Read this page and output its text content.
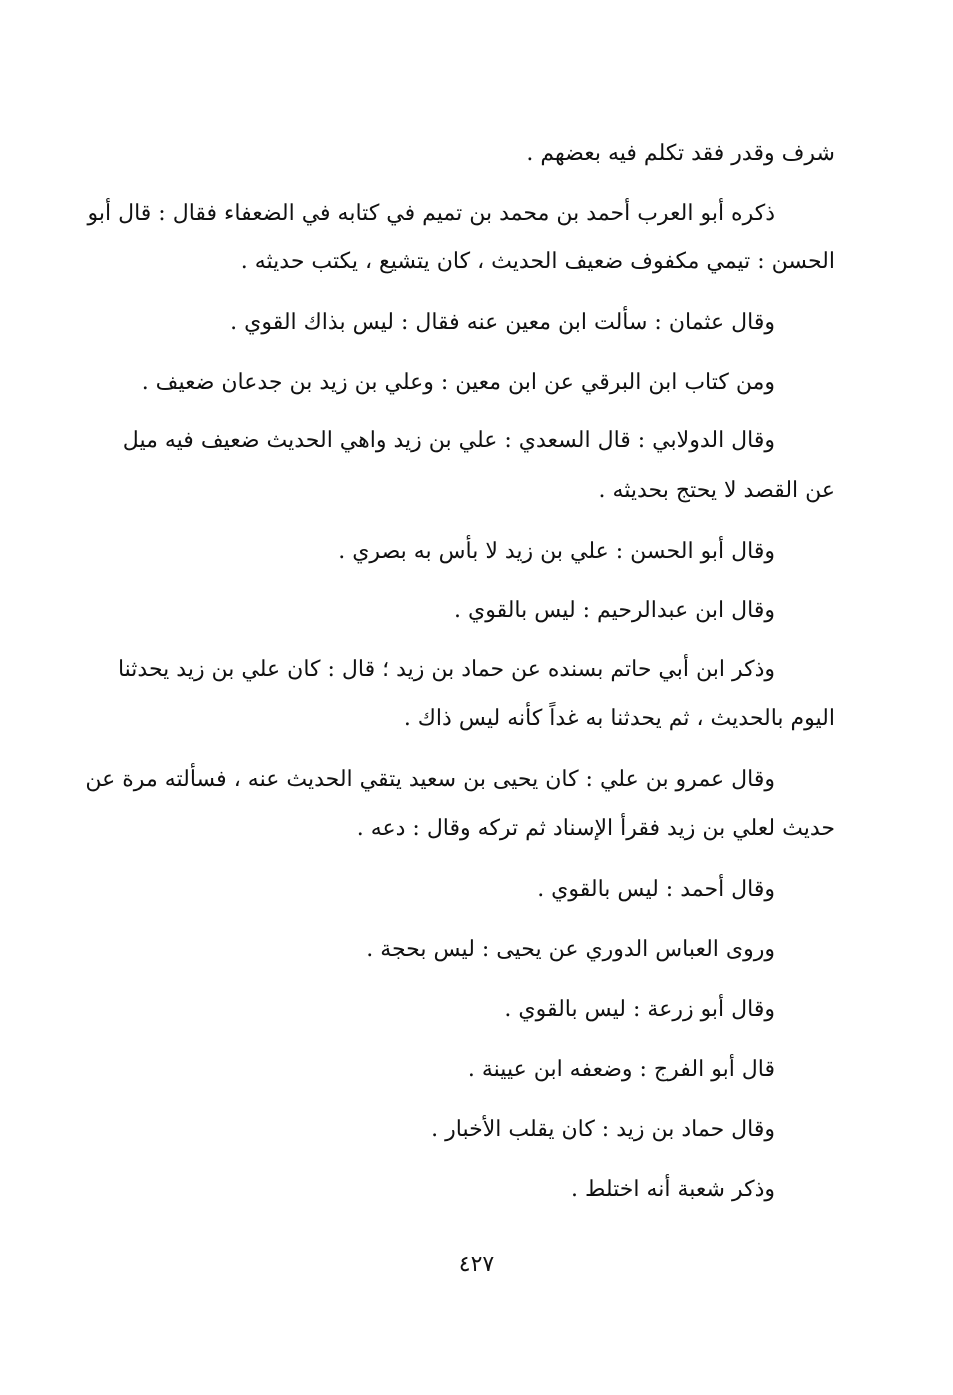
شرف وقدر فقد تكلم فيه بعضهم .
ذكره أبو العرب أحمد بن محمد بن تميم في كتابه في الضعفاء فقال : قال أبو
الحسن : تيمي مكفوف ضعيف الحديث ، كان يتشيع ، يكتب حديثه .
وقال عثمان : سألت ابن معين عنه فقال : ليس بذاك القوي .
ومن كتاب ابن البرقي عن ابن معين : وعلي بن زيد بن جدعان ضعيف .
وقال الدولابي : قال السعدي : علي بن زيد واهي الحديث ضعيف فيه ميل
عن القصد لا يحتج بحديثه .
وقال أبو الحسن : علي بن زيد لا بأس به بصري .
وقال ابن عبدالرحيم : ليس بالقوي .
وذكر ابن أبي حاتم بسنده عن حماد بن زيد ؛ قال : كان علي بن زيد يحدثنا
اليوم بالحديث ، ثم يحدثنا به غداً كأنه ليس ذاك .
وقال عمرو بن علي : كان يحيى بن سعيد يتقي الحديث عنه ، فسألته مرة عن
حديث لعلي بن زيد فقرأ الإسناد ثم تركه وقال : دعه .
وقال أحمد : ليس بالقوي .
وروى العباس الدوري عن يحيى : ليس بحجة .
وقال أبو زرعة : ليس بالقوي .
قال أبو الفرج : وضعفه ابن عيينة .
وقال حماد بن زيد : كان يقلب الأخبار .
وذكر شعبة أنه اختلط .
٤٢٧
